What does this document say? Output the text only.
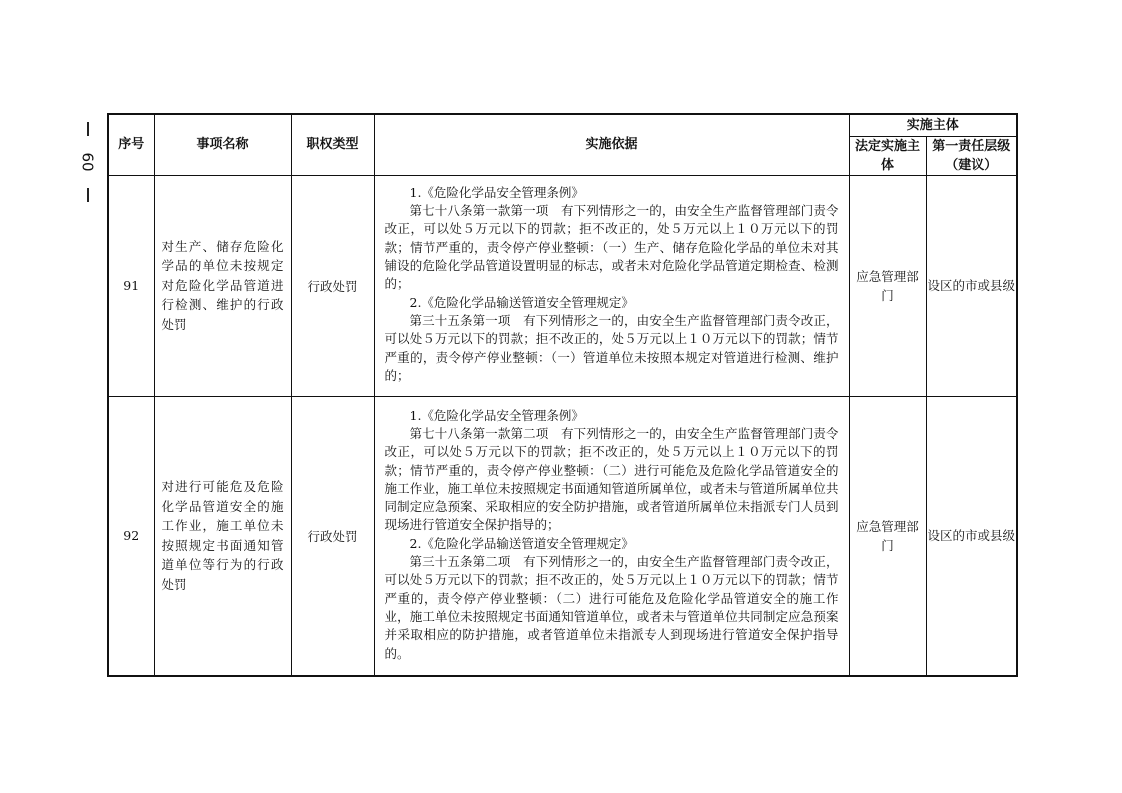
60
序号	事项名称	职权类型	实施依据	实施主体	
				法定实施主体	第一责任层级（建议）
91	对生产、储存危险化学品的单位未按规定对危险化学品管道进行检测、维护的行政处罚	行政处罚	1.《危险化学品安全管理条例》

第七十八条第一款第一项　有下列情形之一的，由安全生产监督管理部门责令改正，可以处５万元以下的罚款；拒不改正的，处５万元以上１０万元以下的罚款；情节严重的，责令停产停业整顿：（一）生产、储存危险化学品的单位未对其铺设的危险化学品管道设置明显的标志，或者未对危险化学品管道定期检查、检测的；

2.《危险化学品输送管道安全管理规定》

第三十五条第一项　有下列情形之一的，由安全生产监督管理部门责令改正，可以处５万元以下的罚款；拒不改正的，处５万元以上１０万元以下的罚款；情节严重的，责令停产停业整顿：（一）管道单位未按照本规定对管道进行检测、维护的；	应急管理部门	设区的市或县级
92	对进行可能危及危险化学品管道安全的施工作业，施工单位未按照规定书面通知管道单位等行为的行政处罚	行政处罚	1.《危险化学品安全管理条例》

第七十八条第一款第二项　有下列情形之一的，由安全生产监督管理部门责令改正，可以处５万元以下的罚款；拒不改正的，处５万元以上１０万元以下的罚款；情节严重的，责令停产停业整顿：（二）进行可能危及危险化学品管道安全的施工作业，施工单位未按照规定书面通知管道所属单位，或者未与管道所属单位共同制定应急预案、采取相应的安全防护措施，或者管道所属单位未指派专门人员到现场进行管道安全保护指导的；

2.《危险化学品输送管道安全管理规定》

第三十五条第二项　有下列情形之一的，由安全生产监督管理部门责令改正，可以处５万元以下的罚款；拒不改正的，处５万元以上１０万元以下的罚款；情节严重的，责令停产停业整顿：（二）进行可能危及危险化学品管道安全的施工作业，施工单位未按照规定书面通知管道单位，或者未与管道单位共同制定应急预案并采取相应的防护措施，或者管道单位未指派专人到现场进行管道安全保护指导的。	应急管理部门	设区的市或县级
